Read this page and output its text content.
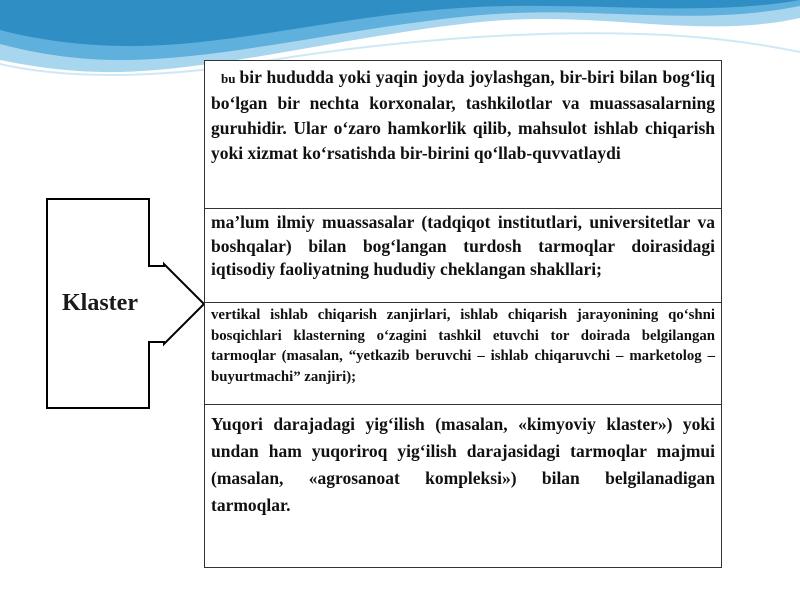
Klaster
bu bir hududda yoki yaqin joyda joylashgan, bir-biri bilan bog‘liq bo‘lgan bir nechta korxonalar, tashkilotlar va muassasalarning guruhidir. Ular o‘zaro hamkorlik qilib, mahsulot ishlab chiqarish yoki xizmat ko‘rsatishda bir-birini qo‘llab-quvvatlaydi
ma’lum ilmiy muassasalar (tadqiqot institutlari, universitetlar va boshqalar) bilan bog‘langan turdosh tarmoqlar doirasidagi iqtisodiy faoliyatning hududiy cheklangan shakllari;
vertikal ishlab chiqarish zanjirlari, ishlab chiqarish jarayonining qo‘shni bosqichlari klasterning o‘zagini tashkil etuvchi tor doirada belgilangan tarmoqlar (masalan, “yetkazib beruvchi – ishlab chiqaruvchi – marketolog – buyurtmachi” zanjiri);
Yuqori darajadagi yig‘ilish (masalan, «kimyoviy klaster») yoki undan ham yuqoriroq yig‘ilish darajasidagi tarmoqlar majmui (masalan, «agrosanoat kompleksi») bilan belgilanadigan tarmoqlar.
